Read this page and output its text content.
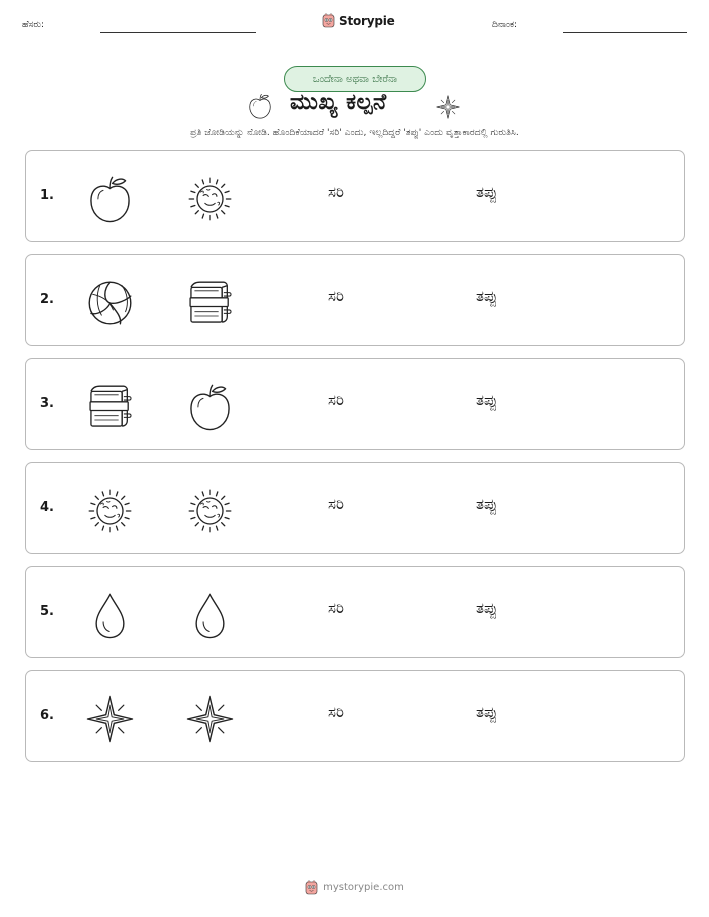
ಹೆಸರು:	Storypie	ದಿನಾಂಕ:
ಒಂದೇನಾ ಅಥವಾ ಬೇರೆನಾ
ಮುಖ್ಯ ಕಲ್ಪನೆ

ಪ್ರತಿ ಜೋಡಿಯನ್ನು ನೋಡಿ. ಹೊಂದಿಕೆಯಾದರೆ 'ಸರಿ' ಎಂದು, ಇಲ್ಲದಿದ್ದರೆ 'ತಪ್ಪು' ಎಂದು ವೃತ್ತಾಕಾರದಲ್ಲಿ ಗುರುತಿಸಿ.

1.	ಸರಿ	ತಪ್ಪು
2.	ಸರಿ	ತಪ್ಪು
3.	ಸರಿ	ತಪ್ಪು
4.	ಸರಿ	ತಪ್ಪು
5.	ಸರಿ	ತಪ್ಪು
6.	ಸರಿ	ತಪ್ಪು
mystorypie.com
